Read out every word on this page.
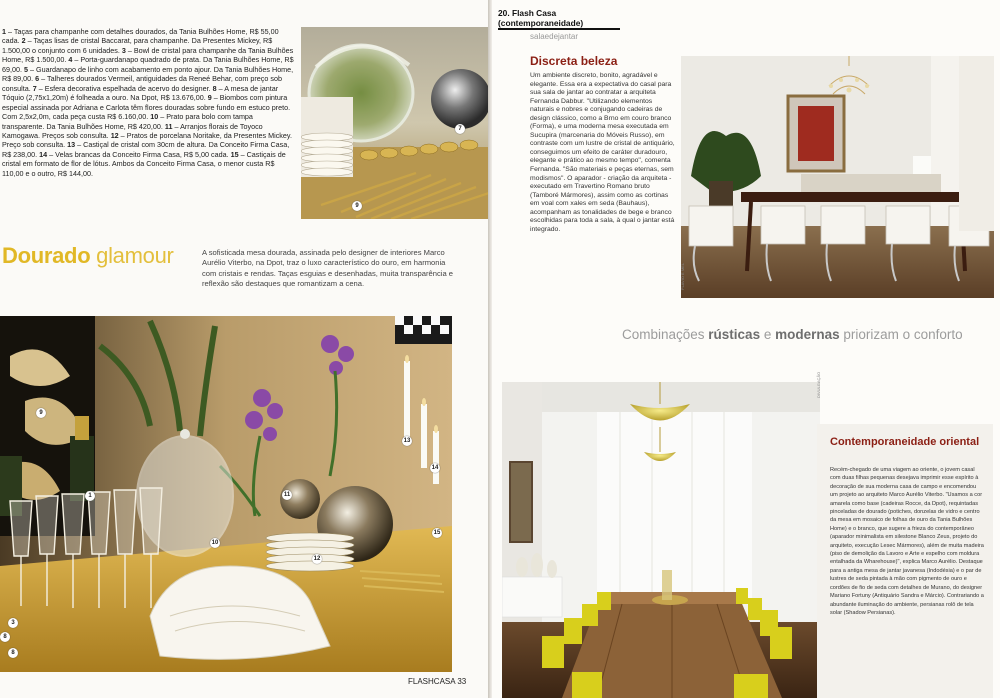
1 – Taças para champanhe com detalhes dourados, da Tania Bulhões Home, R$ 55,00 cada. 2 – Taças lisas de cristal Baccarat, para champanhe. Da Presentes Mickey, R$ 1.500,00 o conjunto com 6 unidades. 3 – Bowl de cristal para champanhe da Tania Bulhões Home, R$ 1.500,00. 4 – Porta-guardanapo quadrado de prata. Da Tania Bulhões Home, R$ 69,00. 5 – Guardanapo de linho com acabamento em ponto ajour. Da Tania Bulhões Home, R$ 89,00. 6 – Talheres dourados Vermeil, antiguidades da Reneé Behar, com preço sob consulta. 7 – Esfera decorativa espelhada de acervo do designer. 8 – A mesa de jantar Tóquio (2,75x1,20m) é folheada a ouro. Na Dpot, R$ 13.676,00. 9 – Biombos com pintura especial assinada por Adriana e Carlota têm flores douradas sobre fundo em estuco preto. Com 2,5x2,0m, cada peça custa R$ 6.160,00. 10 – Prato para bolo com tampa transparente. Da Tania Bulhões Home, R$ 420,00. 11 – Arranjos florais de Toyoco Kamogawa. Preços sob consulta. 12 – Pratos de porcelana Noritake, da Presentes Mickey. Preço sob consulta. 13 – Castiçal de cristal com 30cm de altura. Da Conceito Firma Casa, R$ 238,00. 14 – Velas brancas da Conceito Firma Casa, R$ 5,00 cada. 15 – Castiçais de cristal em formato de flor de lótus. Ambos da Conceito Firma Casa, o menor custa R$ 110,00 e o outro, R$ 144,00.

7
9
Dourado glamour	A sofisticada mesa dourada, assinada pelo designer de interiores Marco Aurélio Viterbo, na Dpot, traz o luxo característico do ouro, em harmonia com cristais e rendas. Taças esguias e desenhadas, muita transparência e reflexão são destaques que romantizam a cena.
9
10
1
8
11
12
13
14
15
3
8
FLASHCASA 33
20. Flash Casa
(contemporaneidade)
salaedejantar
Discreta beleza
Um ambiente discreto, bonito, agradável e elegante. Essa era a expectativa do casal para sua sala de jantar ao contratar a arquiteta Fernanda Dabbur. "Utilizando elementos naturais e nobres e conjugando cadeiras de design clássico, como a Brno em couro branco (Forma), e uma moderna mesa executada em Sucupira (marcenaria do Móveis Russo), em contraste com um lustre de cristal de antiquário, conseguimos um efeito de caráter duradouro, elegante e prático ao mesmo tempo", comenta Fernanda. "São materiais e peças eternas, sem modismos". O aparador - criação da arquiteta - executado em Travertino Romano bruto (Tamboré Mármores), assim como as cortinas em voal com xales em seda (Bauhaus), acompanham as tonalidades de bege e branco escolhidas para toda a sala, à qual o jantar está integrado.
FLAVIO E MEL
Combinações rústicas e modernas priorizam o conforto
DIVULGAÇÃO
Contemporaneidade oriental
Recém-chegado de uma viagem ao oriente, o jovem casal com duas filhas pequenas desejava imprimir esse espírito à decoração de sua moderna casa de campo e encomendou um projeto ao arquiteto Marco Aurélio Viterbo. "Usamos a cor amarela como base (cadeiras Rocce, da Dpot), requintadas pinceladas de dourado (potiches, donzelas de vidro e centro da mesa em mosaico de folhas de ouro da Tania Bulhões Home) e o branco, que sugere a frieza do contemporâneo (aparador minimalista em silestone Blanco Zeus, projeto do arquiteto, execução Lesec Mármores), além de muita madeira (piso de demolição da Lavoro e Arte e espelho com moldura entalhada da Wharehouse)", explica Marco Aurélio. Destaque para a antiga mesa de jantar javanesa (Indodésia) e o par de lustres de seda pintada à mão com pigmento de ouro e cordões de fio de seda com detalhes de Murano, do designer Mariano Fortuny (Antiquário Sandra e Márcio). Contrariando a abundante iluminação do ambiente, persianas rolô de tela solar (Shadow Persianas).
